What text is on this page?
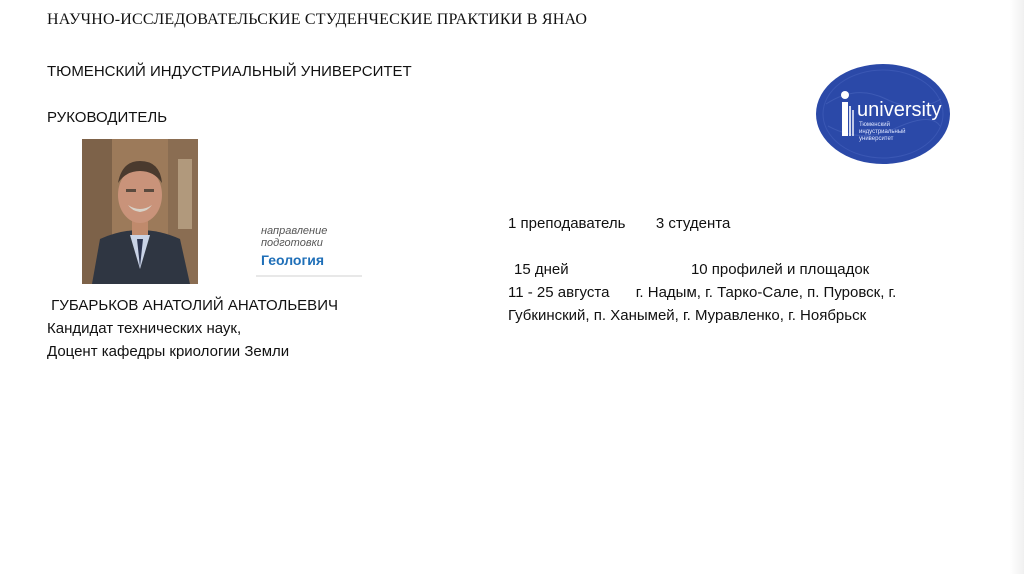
НАУЧНО-ИССЛЕДОВАТЕЛЬСКИЕ СТУДЕНЧЕСКИЕ ПРАКТИКИ В ЯНАО
ТЮМЕНСКИЙ ИНДУСТРИАЛЬНЫЙ УНИВЕРСИТЕТ
РУКОВОДИТЕЛЬ
направление
подготовки
Геология
ГУБАРЬКОВ АНАТОЛИЙ АНАТОЛЬЕВИЧ
Кандидат технических наук,
Доцент кафедры криологии Земли
1 преподаватель 3 студента
15 дней	10 профилей и площадок
11 - 25 августа г. Надым, г. Тарко-Сале, п. Пуровск, г.
Губкинский, п. Ханымей, г. Муравленко, г. Ноябрьск
university
Тюменский
индустриальный
университет
